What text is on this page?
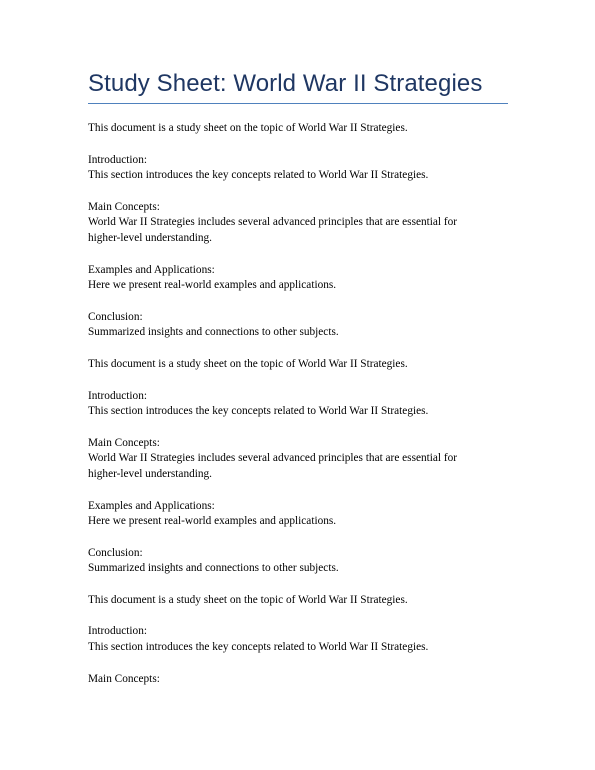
Study Sheet: World War II Strategies
This document is a study sheet on the topic of World War II Strategies.
Introduction:
This section introduces the key concepts related to World War II Strategies.
Main Concepts:
World War II Strategies includes several advanced principles that are essential for
higher-level understanding.
Examples and Applications:
Here we present real-world examples and applications.
Conclusion:
Summarized insights and connections to other subjects.
This document is a study sheet on the topic of World War II Strategies.
Introduction:
This section introduces the key concepts related to World War II Strategies.
Main Concepts:
World War II Strategies includes several advanced principles that are essential for
higher-level understanding.
Examples and Applications:
Here we present real-world examples and applications.
Conclusion:
Summarized insights and connections to other subjects.
This document is a study sheet on the topic of World War II Strategies.
Introduction:
This section introduces the key concepts related to World War II Strategies.
Main Concepts:
